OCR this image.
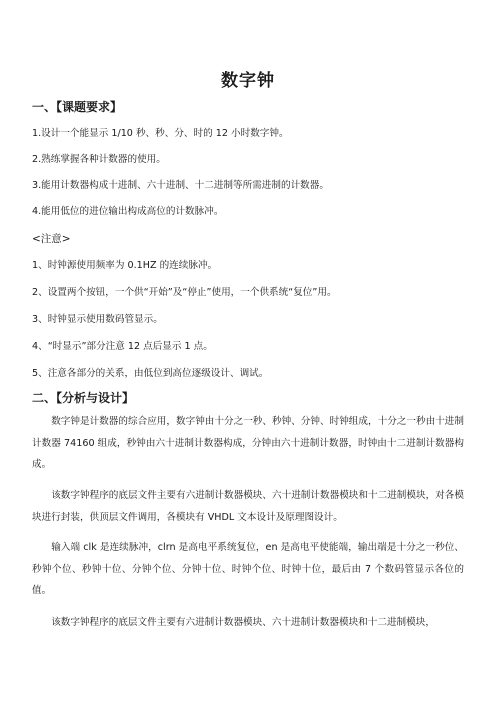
数字钟
一、【课题要求】
1.设计一个能显示 1/10 秒、秒、分、时的 12 小时数字钟。
2.熟练掌握各种计数器的使用。
3.能用计数器构成十进制、六十进制、十二进制等所需进制的计数器。
4.能用低位的进位输出构成高位的计数脉冲。
<注意>
1、时钟源使用频率为 0.1HZ 的连续脉冲。
2、设置两个按钮，一个供“开始”及“停止”使用，一个供系统“复位”用。
3、时钟显示使用数码管显示。
4、“时显示”部分注意 12 点后显示 1 点。
5、注意各部分的关系，由低位到高位逐级设计、调试。
二、【分析与设计】
数字钟是计数器的综合应用，数字钟由十分之一秒、秒钟、分钟、时钟组成，十分之一秒由十进制计数器 74160 组成，秒钟由六十进制计数器构成，分钟由六十进制计数器，时钟由十二进制计数器构成。
该数字钟程序的底层文件主要有六进制计数器模块、六十进制计数器模块和十二进制模块，对各模块进行封装，供顶层文件调用，各模块有 VHDL 文本设计及原理图设计。
输入端 clk 是连续脉冲，clrn 是高电平系统复位，en 是高电平使能端，输出端是十分之一秒位、秒钟个位、秒钟十位、分钟个位、分钟十位、时钟个位、时钟十位，最后由 7 个数码管显示各位的值。
该数字钟程序的底层文件主要有六进制计数器模块、六十进制计数器模块和十二进制模块，
